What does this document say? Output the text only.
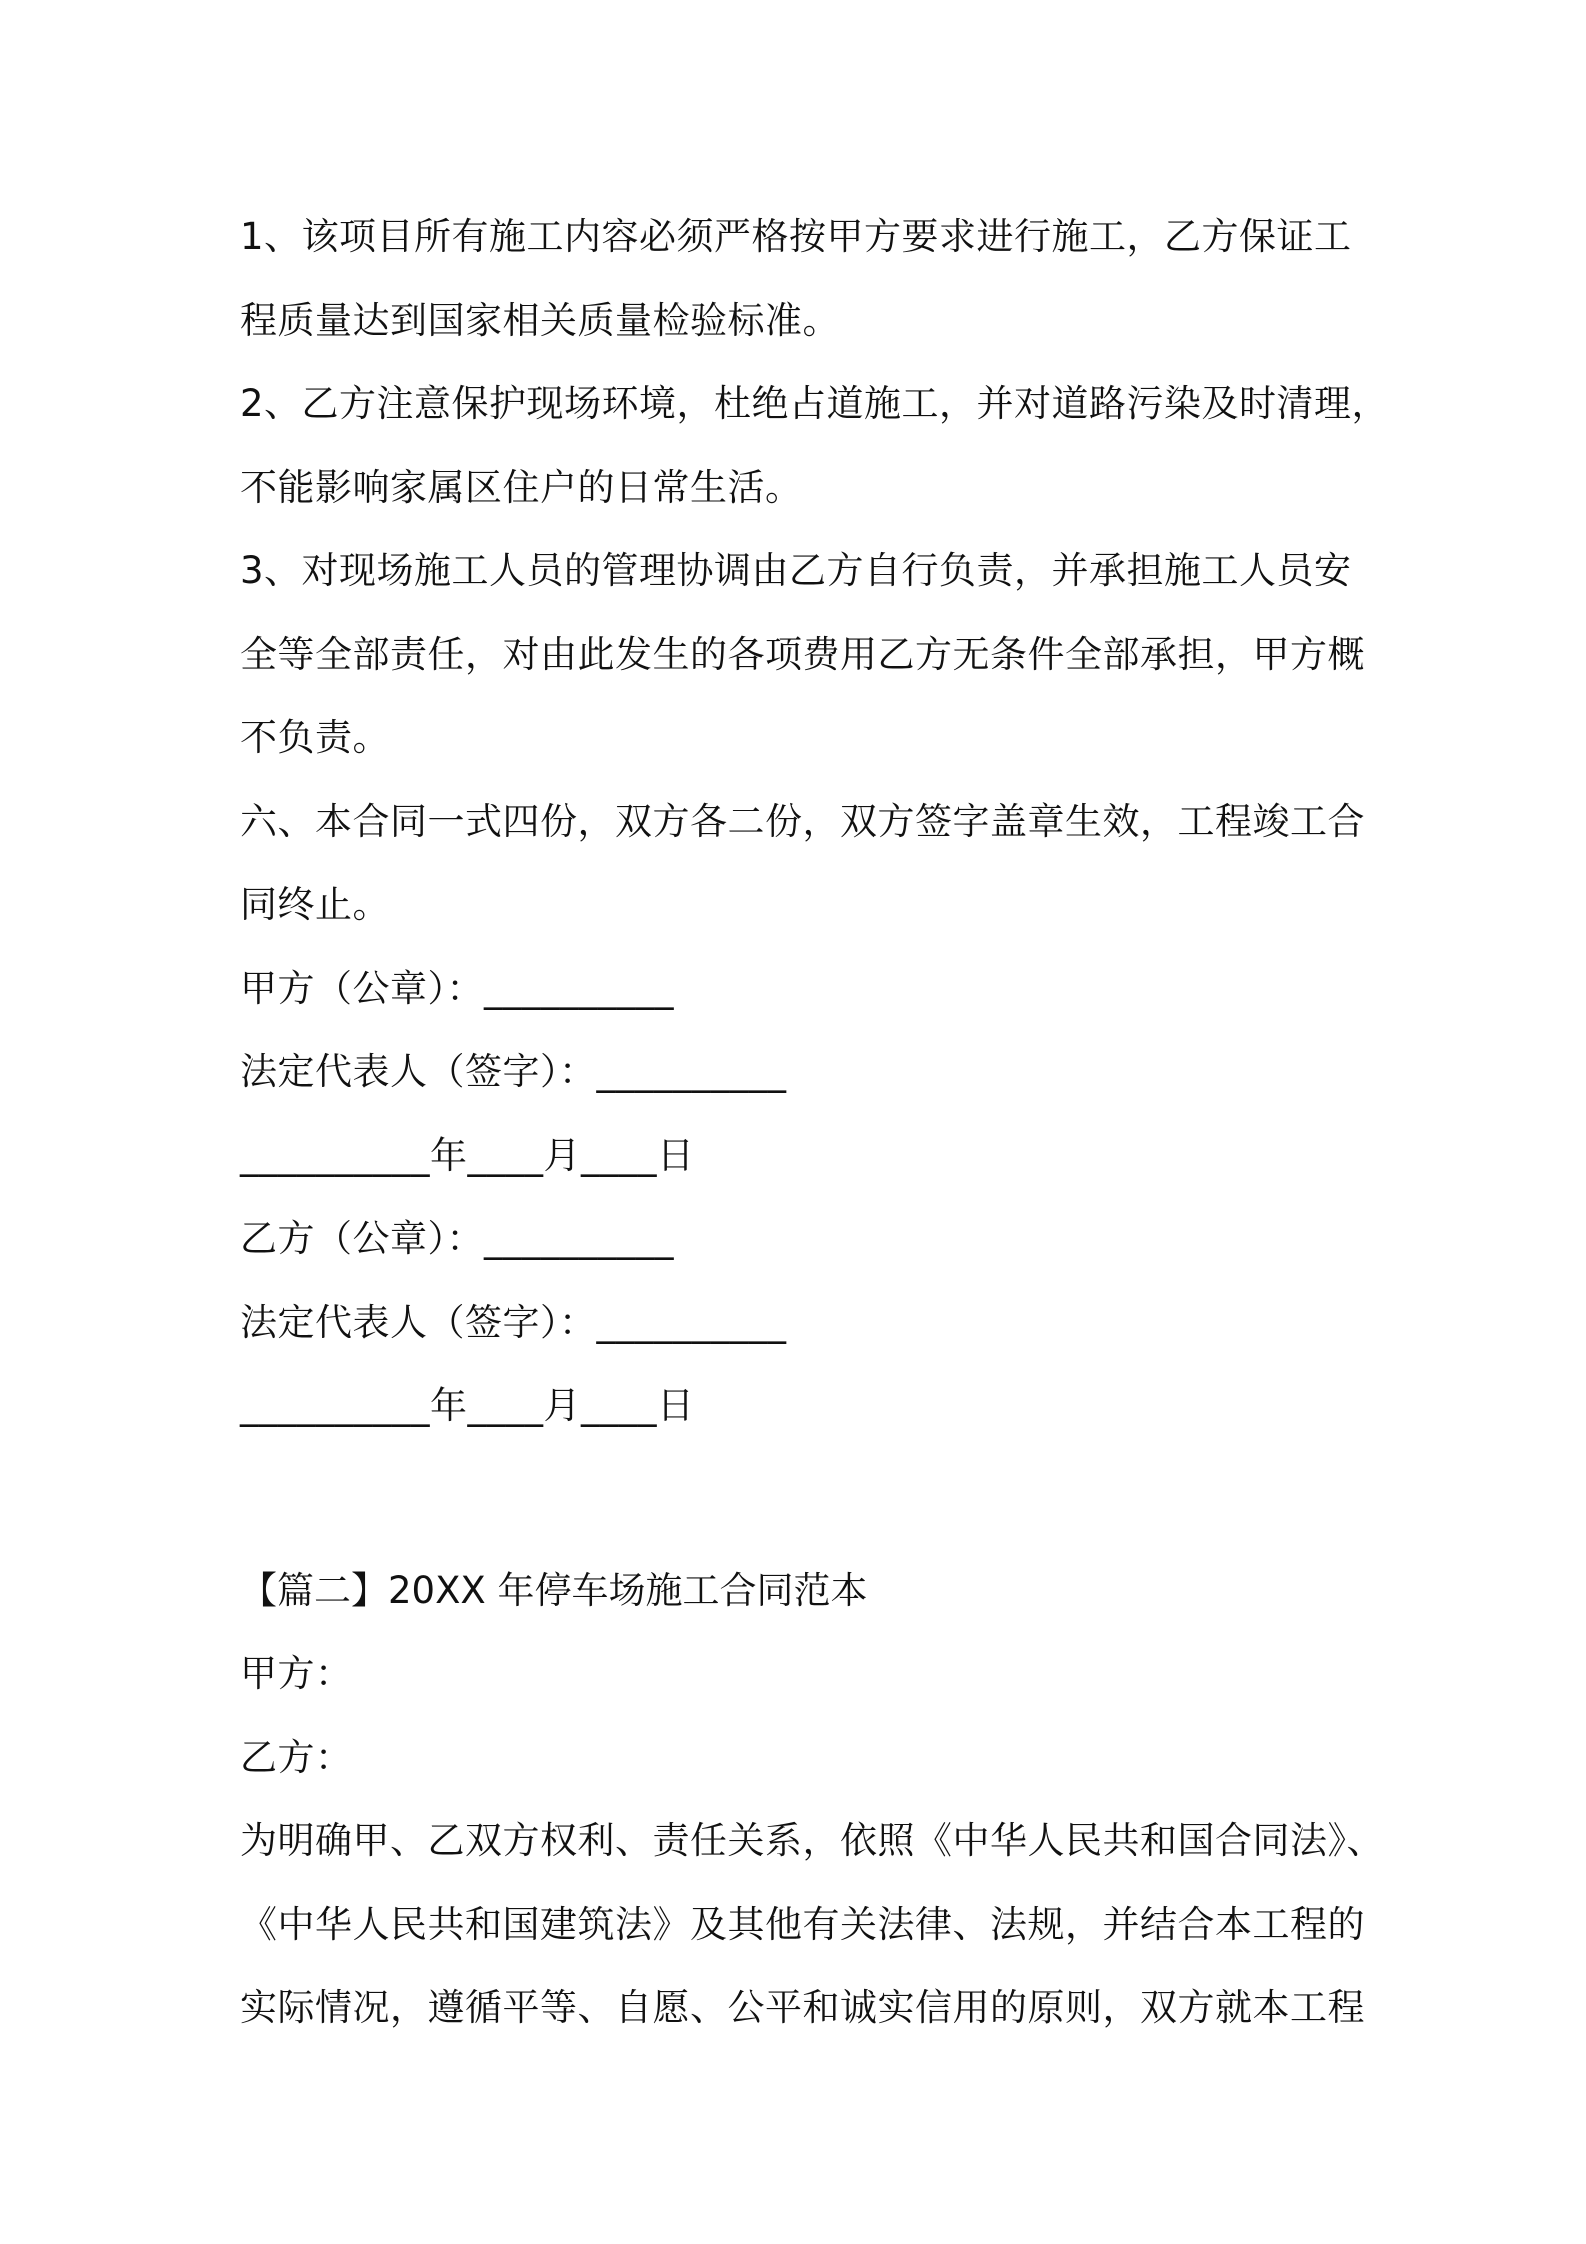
1、该项目所有施工内容必须严格按甲方要求进行施工，乙方保证工
程质量达到国家相关质量检验标准。
2、乙方注意保护现场环境，杜绝占道施工，并对道路污染及时清理，
不能影响家属区住户的日常生活。
3、对现场施工人员的管理协调由乙方自行负责，并承担施工人员安
全等全部责任，对由此发生的各项费用乙方无条件全部承担，甲方概
不负责。
六、本合同一式四份，双方各二份，双方签字盖章生效，工程竣工合
同终止。
甲方（公章）：__________
法定代表人（签字）：__________
__________年____月____日
乙方（公章）：__________
法定代表人（签字）：__________
__________年____月____日
【篇二】20XX 年停车场施工合同范本
甲方：
乙方：
为明确甲、乙双方权利、责任关系，依照《中华人民共和国合同法》、
《中华人民共和国建筑法》及其他有关法律、法规，并结合本工程的
实际情况，遵循平等、自愿、公平和诚实信用的原则，双方就本工程
